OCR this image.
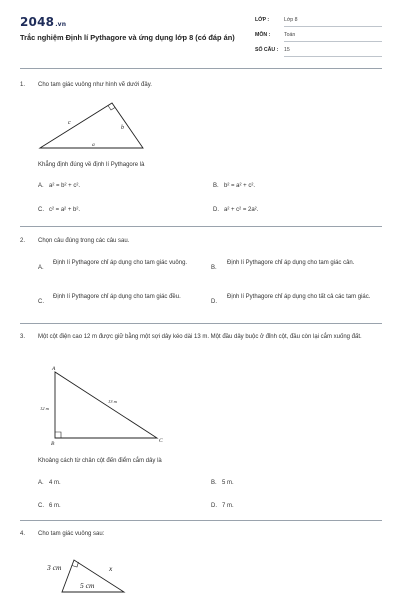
2048.vn
Trắc nghiệm Định lí Pythagore và ứng dụng lớp 8 (có đáp án)
LỚP :	Lớp 8
MÔN :	Toán
SỐ CÂU : 15
1. Cho tam giác vuông như hình vẽ dưới đây.
c
b
a
Khẳng định đúng về định lí Pythagore là
A. a² = b² + c².	B. b² = a² + c².
C. c² = a² + b².	D. a² + c² = 2a².
2. Chọn câu đúng trong các câu sau.
A.
Định lí Pythagore chỉ áp dụng cho tam giác vuông.
B.
Định lí Pythagore chỉ áp dụng cho tam giác cân.
C.
Định lí Pythagore chỉ áp dụng cho tam giác đều.
D.
Định lí Pythagore chỉ áp dụng cho tất cả các tam giác.
3. Một cột điện cao 12 m được giữ bằng một sợi dây kéo dài 13 m. Một đầu dây buộc ở đỉnh cột, đầu còn lại cắm xuống đất.
A
B	C
12 m
13 m
Khoảng cách từ chân cột đến điểm cắm dây là
A. 4 m.	B. 5 m.
C. 6 m.	D. 7 m.
4. Cho tam giác vuông sau:
3 cm	x
5 cm
